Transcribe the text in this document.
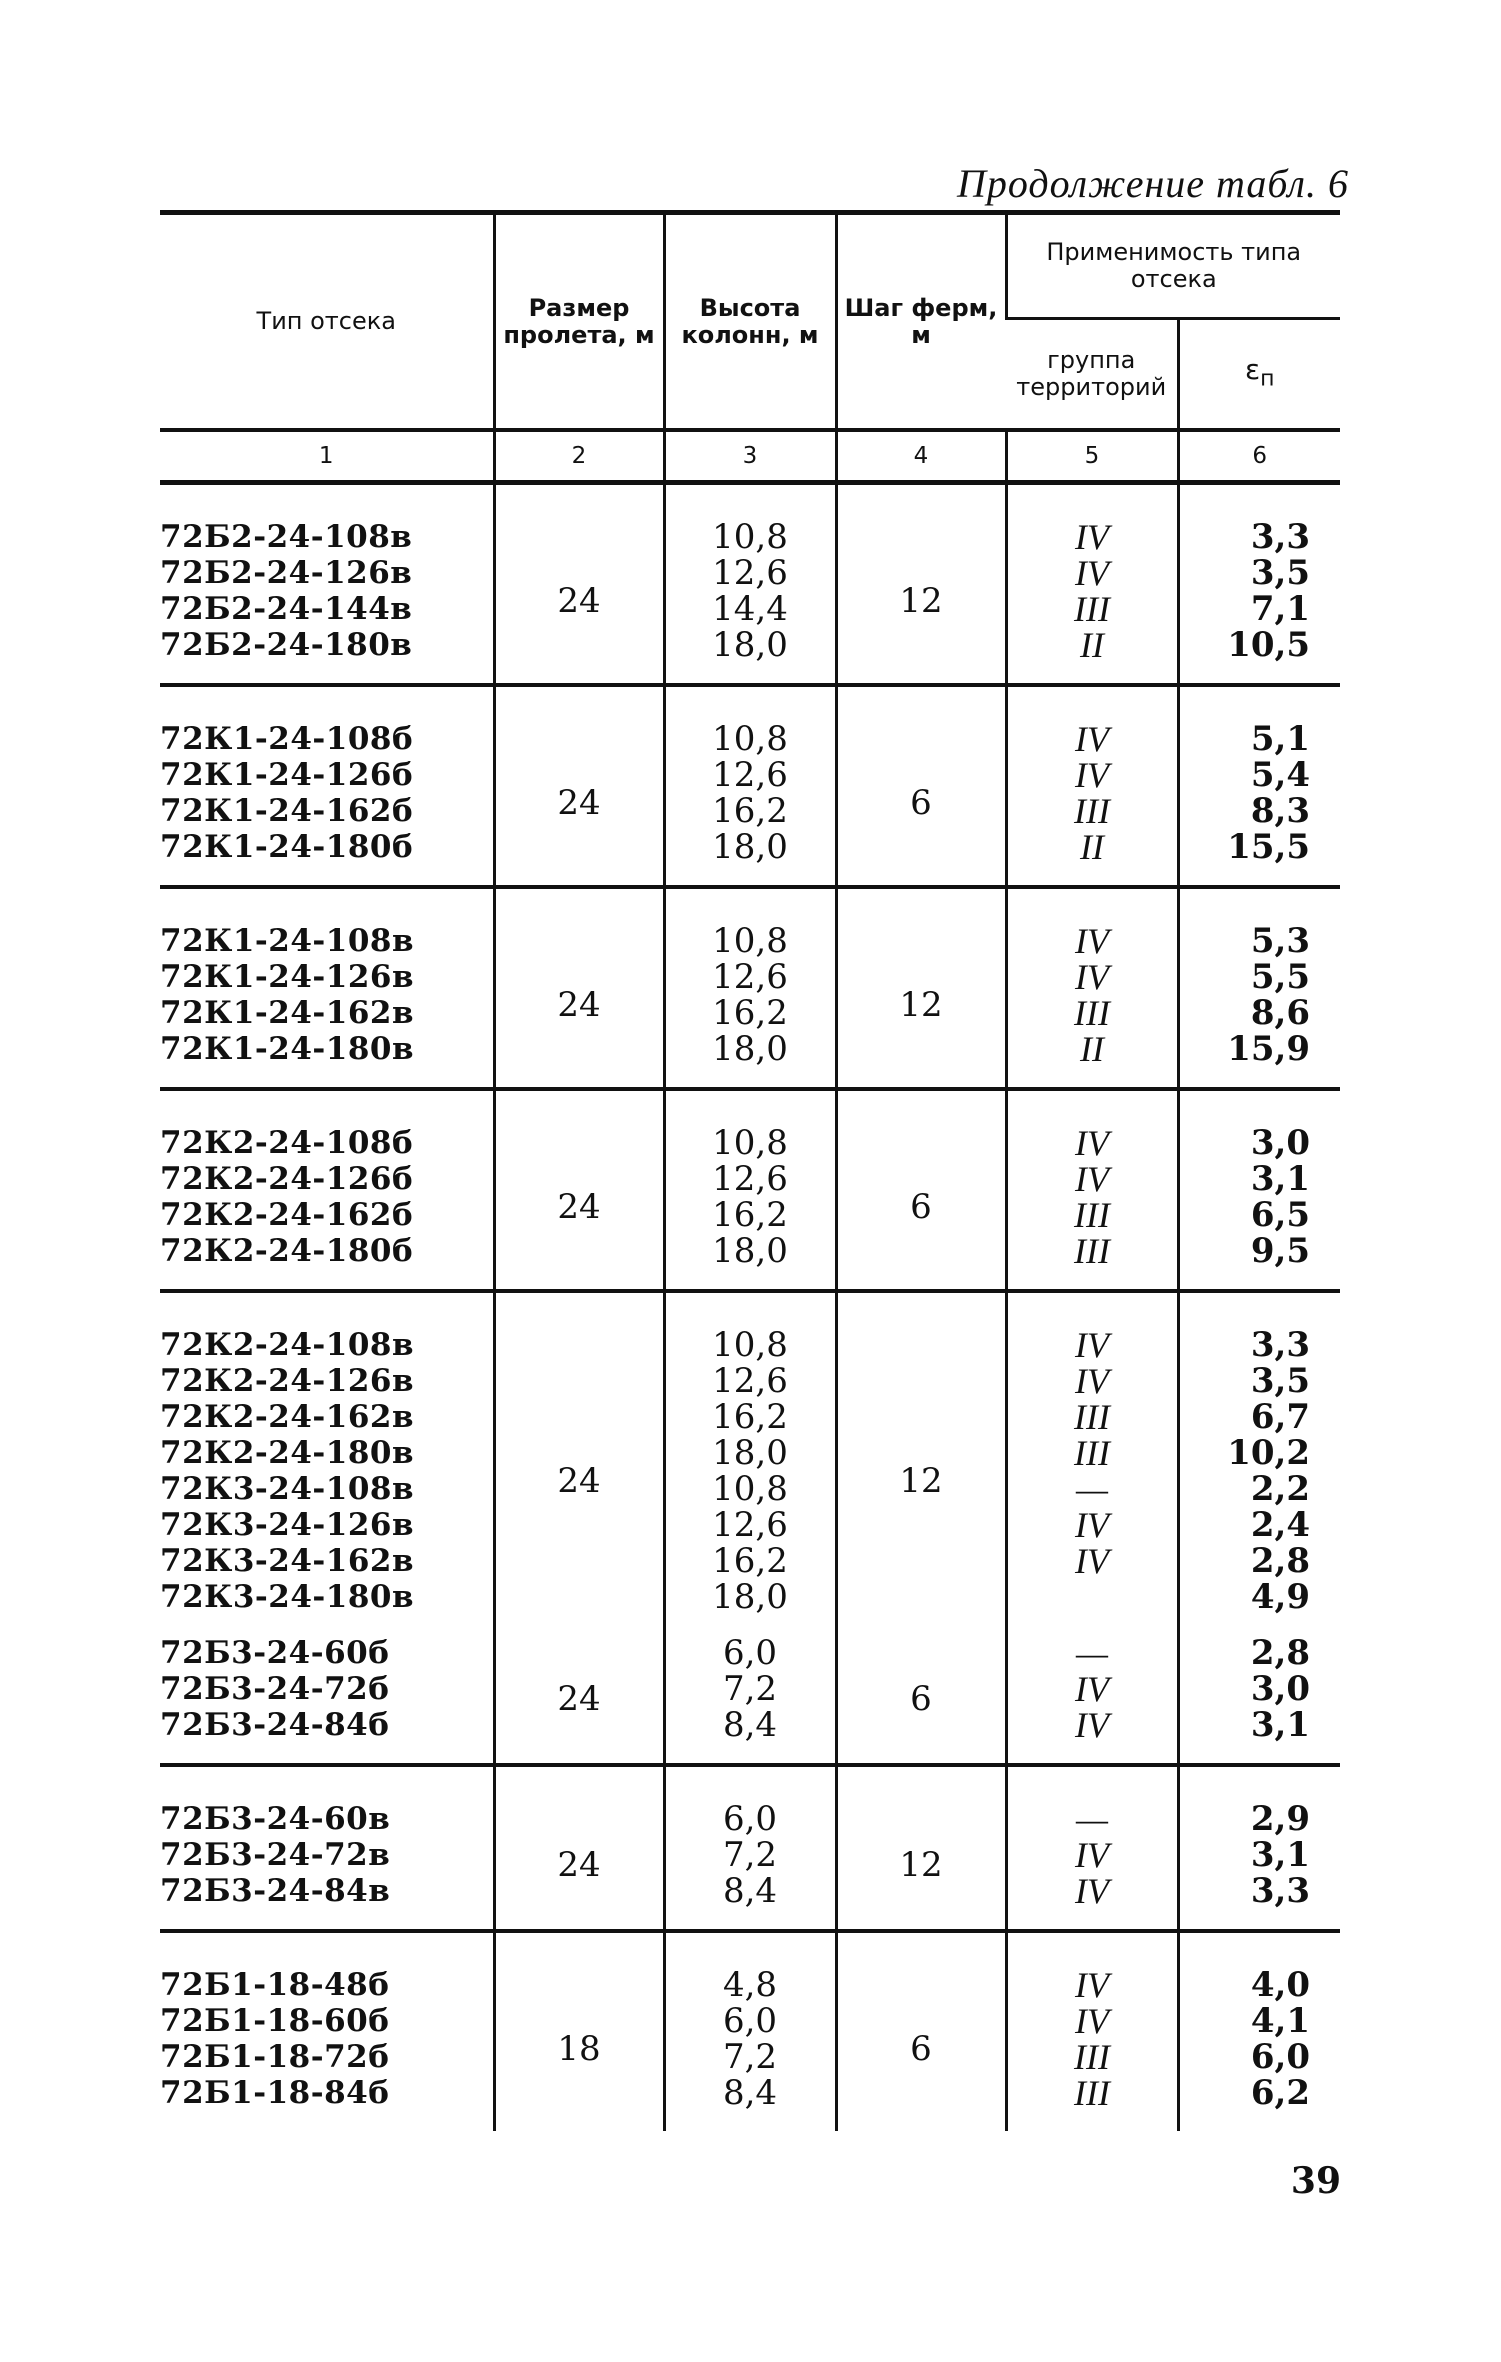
Продолжение табл. 6
Тип отсека	Размер пролета, м	Высота колонн, м	Шаг ферм, м	Применимость типа отсека	
				группа территорий	$\varepsilon_п$
1	2	3	4	5	6
72Б2-24-108в	24	10,8	12	IV	3,3
72Б2-24-126в		12,6		IV	3,5
72Б2-24-144в		14,4		III	7,1
72Б2-24-180в		18,0		II	10,5
72К1-24-108б	24	10,8	6	IV	5,1
72К1-24-126б		12,6		IV	5,4
72К1-24-162б		16,2		III	8,3
72К1-24-180б		18,0		II	15,5
72К1-24-108в	24	10,8	12	IV	5,3
72К1-24-126в		12,6		IV	5,5
72К1-24-162в		16,2		III	8,6
72К1-24-180в		18,0		II	15,9
72К2-24-108б	24	10,8	6	IV	3,0
72К2-24-126б		12,6		IV	3,1
72К2-24-162б		16,2		III	6,5
72К2-24-180б		18,0		III	9,5
72К2-24-108в	24	10,8	12	IV	3,3
72К2-24-126в		12,6		IV	3,5
72К2-24-162в		16,2		III	6,7
72К2-24-180в		18,0		III	10,2
72К3-24-108в		10,8		—	2,2
72К3-24-126в		12,6		IV	2,4
72К3-24-162в		16,2		IV	2,8
72К3-24-180в		18,0			4,9
72Б3-24-60б	24	6,0	6	—	2,8
72Б3-24-72б		7,2		IV	3,0
72Б3-24-84б		8,4		IV	3,1
72Б3-24-60в	24	6,0	12	—	2,9
72Б3-24-72в		7,2		IV	3,1
72Б3-24-84в		8,4		IV	3,3
72Б1-18-48б	18	4,8	6	IV	4,0
72Б1-18-60б		6,0		IV	4,1
72Б1-18-72б		7,2		III	6,0
72Б1-18-84б		8,4		III	6,2
39
